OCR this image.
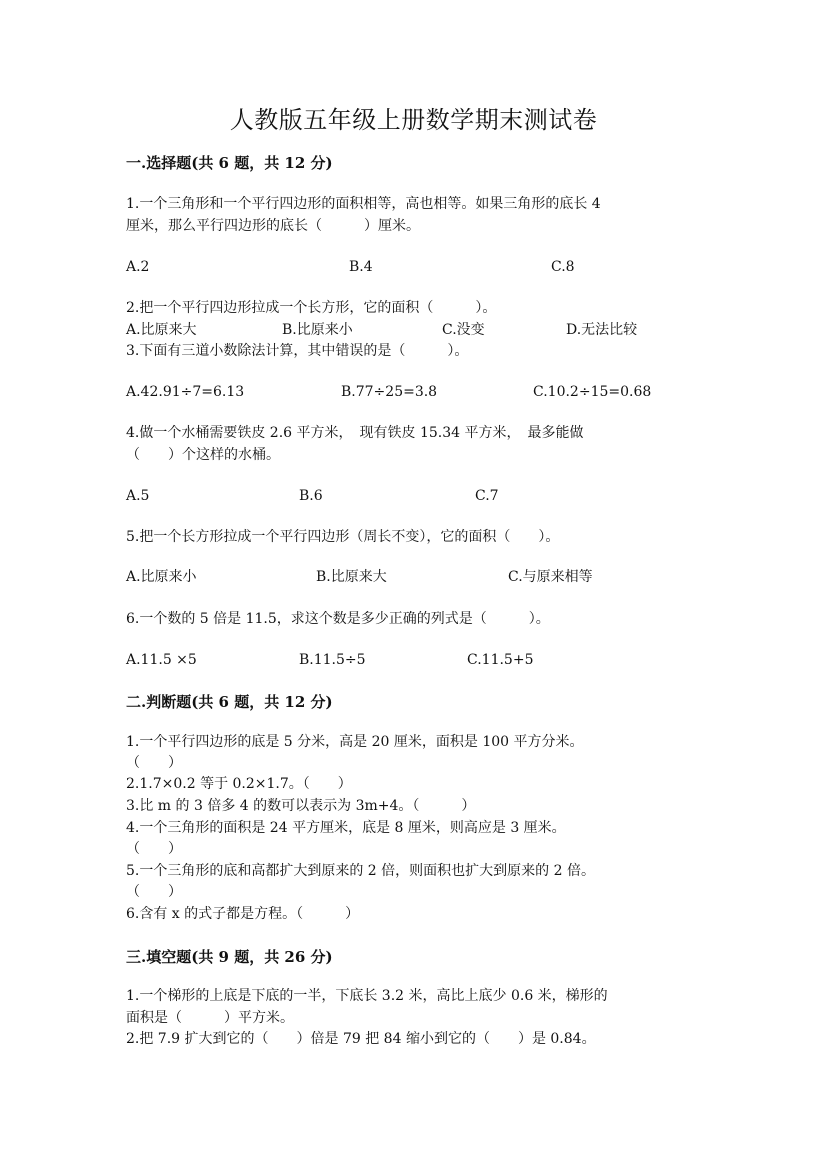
人教版五年级上册数学期末测试卷
一.选择题(共 6 题，共 12 分)
1.一个三角形和一个平行四边形的面积相等，高也相等。如果三角形的底长 4
厘米，那么平行四边形的底长（　　　）厘米。
A.2	B.4	C.8
2.把一个平行四边形拉成一个长方形，它的面积（　　　）。
A.比原来大	B.比原来小	C.没变	D.无法比较
3.下面有三道小数除法计算，其中错误的是（　　　）。
A.42.91÷7=6.13	B.77÷25=3.8	C.10.2÷15=0.68
4.做一个水桶需要铁皮 2.6 平方米，　现有铁皮 15.34 平方米，　最多能做
（　　）个这样的水桶。
A.5	B.6	C.7
5.把一个长方形拉成一个平行四边形（周长不变），它的面积（　　）。
A.比原来小	B.比原来大	C.与原来相等
6.一个数的 5 倍是 11.5，求这个数是多少正确的列式是（　　　）。
A.11.5 ×5	B.11.5÷5	C.11.5+5
二.判断题(共 6 题，共 12 分)
1.一个平行四边形的底是 5 分米，高是 20 厘米，面积是 100 平方分米。
（　　）
2.1.7×0.2 等于 0.2×1.7。（　　）
3.比 m 的 3 倍多 4 的数可以表示为 3m+4。（　　　）
4.一个三角形的面积是 24 平方厘米，底是 8 厘米，则高应是 3 厘米。
（　　）
5.一个三角形的底和高都扩大到原来的 2 倍，则面积也扩大到原来的 2 倍。
（　　）
6.含有 x 的式子都是方程。（　　　）
三.填空题(共 9 题，共 26 分)
1.一个梯形的上底是下底的一半，下底长 3.2 米，高比上底少 0.6 米，梯形的
面积是（　　　）平方米。
2.把 7.9 扩大到它的（　　）倍是 79 把 84 缩小到它的（　　）是 0.84。
